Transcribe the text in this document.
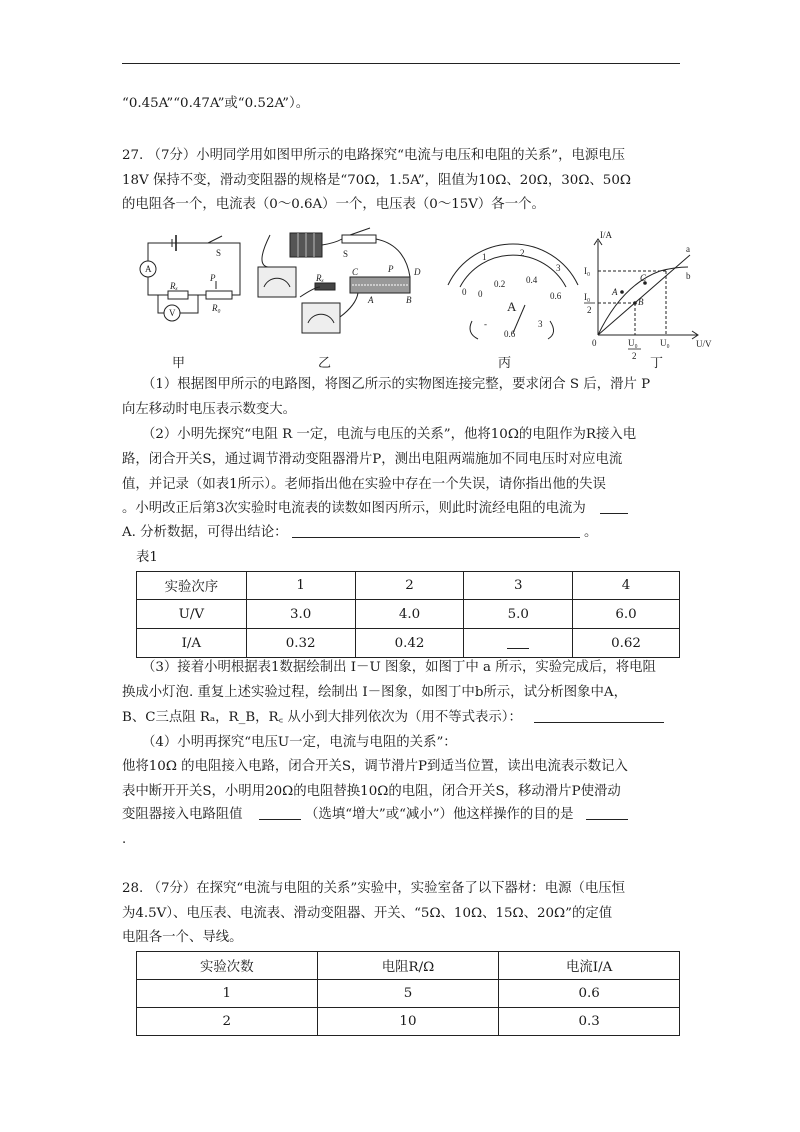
“0.45A”“0.47A”或“0.52A”）。
27. （7分）小明同学用如图甲所示的电路探究“电流与电压和电阻的关系”，电源电压
18V 保持不变，滑动变阻器的规格是“70Ω，1.5A”，阻值为10Ω、20Ω，30Ω、50Ω
的电阻各一个，电流表（0～0.6A）一个，电压表（0～15V）各一个。
S
A
V
Rₓ
P
R₀
S
Rₓ
C	P D
A	B
0
1	2
3
0
0.2 0.4
0.6
A
-
0.6
3
I/A
U/V
a
b
I₀
I₀
2
A
B
C
0	U₀
2
U₀
甲	乙	丙	丁
（1）根据图甲所示的电路图，将图乙所示的实物图连接完整，要求闭合 S 后，滑片 P
向左移动时电压表示数变大。
（2）小明先探究“电阻 R 一定，电流与电压的关系”，他将10Ω的电阻作为R接入电
路，闭合开关S，通过调节滑动变阻器滑片P，测出电阻两端施加不同电压时对应电流
值，并记录（如表1所示）。老师指出他在实验中存在一个失误，请你指出他的失误
。小明改正后第3次实验时电流表的读数如图丙所示，则此时流经电阻的电流为
A. 分析数据，可得出结论：	。
表1
实验次序	1	2	3	4
U/V	3.0	4.0	5.0	6.0
I/A	0.32	0.42		0.62
（3）接着小明根据表1数据绘制出 I－U 图象，如图丁中 a 所示，实验完成后，将电阻
换成小灯泡. 重复上述实验过程，绘制出 I－图象，如图丁中b所示，试分析图象中A，
B、C三点阻 Rₐ，R_B，R꜀ 从小到大排列依次为（用不等式表示）：
（4）小明再探究“电压U一定，电流与电阻的关系”：
他将10Ω 的电阻接入电路，闭合开关S，调节滑片P到适当位置，读出电流表示数记入
表中断开开关S，小明用20Ω的电阻替换10Ω的电阻，闭合开关S，移动滑片P使滑动
变阻器接入电路阻值	（选填“增大”或“减小”）他这样操作的目的是
.
28. （7分）在探究“电流与电阻的关系”实验中，实验室备了以下器材：电源（电压恒
为4.5V）、电压表、电流表、滑动变阻器、开关、“5Ω、10Ω、15Ω、20Ω”的定值
电阻各一个、导线。
实验次数	电阻R/Ω	电流I/A
1	5	0.6
2	10	0.3
